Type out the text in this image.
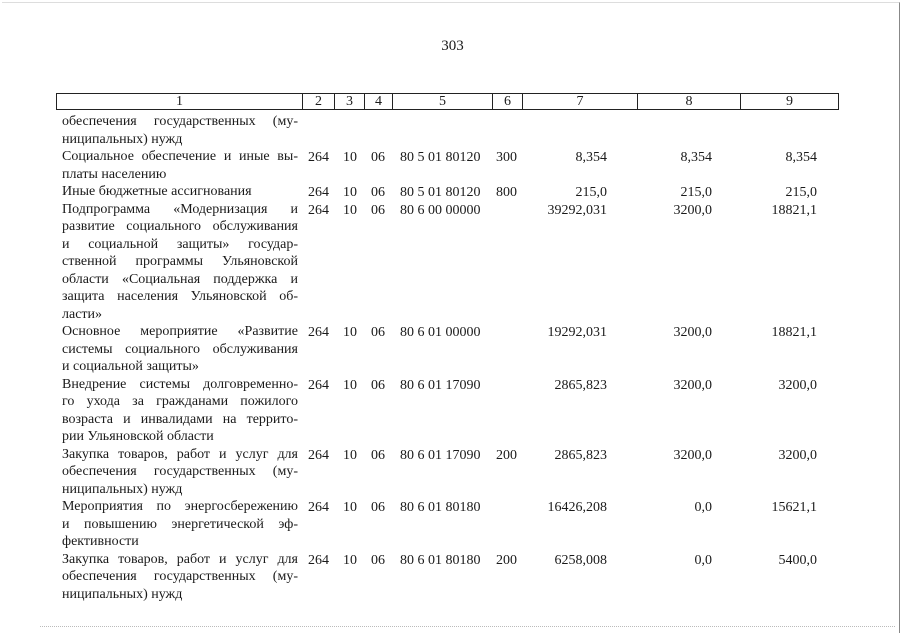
303
1	2	3	4	5	6	7	8	9
обеспечения государственных (му-
ниципальных) нужд
Социальное обеспечение и иные вы-
платы населению
264 10 06 80 5 01 80120 300	8,354	8,354	8,354
Иные бюджетные ассигнования	264 10 06 80 5 01 80120 800	215,0	215,0	215,0
Подпрограмма «Модернизация и
развитие социального обслуживания
и социальной защиты» государ-
ственной программы Ульяновской
области «Социальная поддержка и
защита населения Ульяновской об-
ласти»
264 10 06 80 6 00 00000	39292,031	3200,0	18821,1
Основное мероприятие «Развитие
системы социального обслуживания
и социальной защиты»
264 10 06 80 6 01 00000	19292,031	3200,0	18821,1
Внедрение системы долговременно-
го ухода за гражданами пожилого
возраста и инвалидами на террито-
рии Ульяновской области
264 10 06 80 6 01 17090	2865,823	3200,0	3200,0
Закупка товаров, работ и услуг для
обеспечения государственных (му-
ниципальных) нужд
264 10 06 80 6 01 17090 200	2865,823	3200,0	3200,0
Мероприятия по энергосбережению
и повышению энергетической эф-
фективности
264 10 06 80 6 01 80180	16426,208	0,0	15621,1
Закупка товаров, работ и услуг для
обеспечения государственных (му-
ниципальных) нужд
264 10 06 80 6 01 80180 200	6258,008	0,0	5400,0
